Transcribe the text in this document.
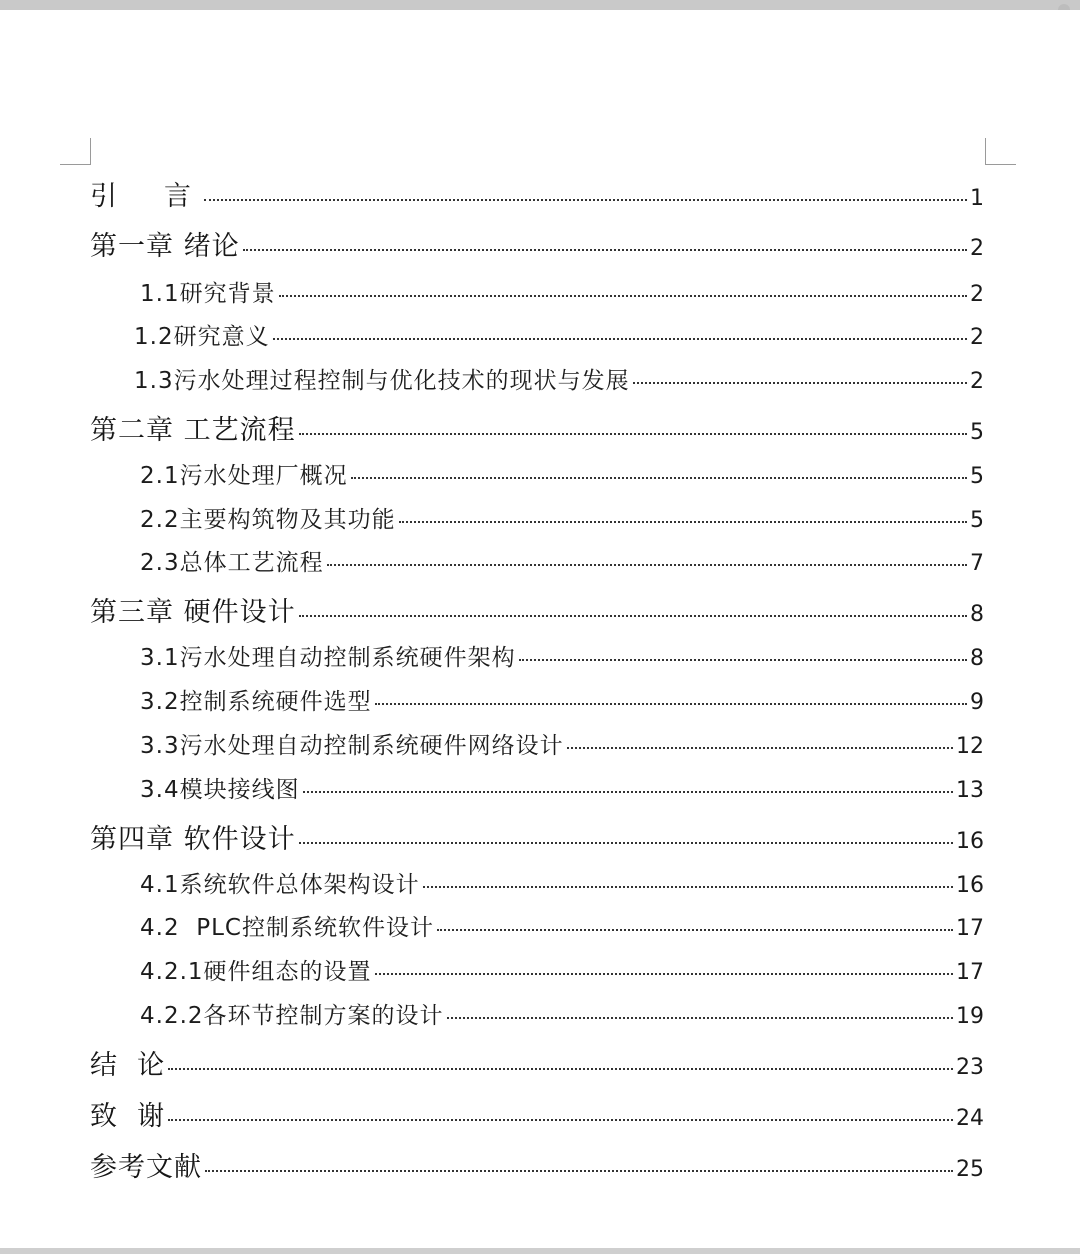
引　言	1
第一章 绪论	2
1.1研究背景	2
1.2研究意义	2
1.3污水处理过程控制与优化技术的现状与发展	2
第二章 工艺流程	5
2.1污水处理厂概况	5
2.2主要构筑物及其功能	5
2.3总体工艺流程	7
第三章 硬件设计	8
3.1污水处理自动控制系统硬件架构	8
3.2控制系统硬件选型	9
3.3污水处理自动控制系统硬件网络设计	12
3.4模块接线图	13
第四章 软件设计	16
4.1系统软件总体架构设计	16
4.2  PLC控制系统软件设计	17
4.2.1硬件组态的设置	17
4.2.2各环节控制方案的设计	19
结  论	23
致  谢	24
参考文献	25
